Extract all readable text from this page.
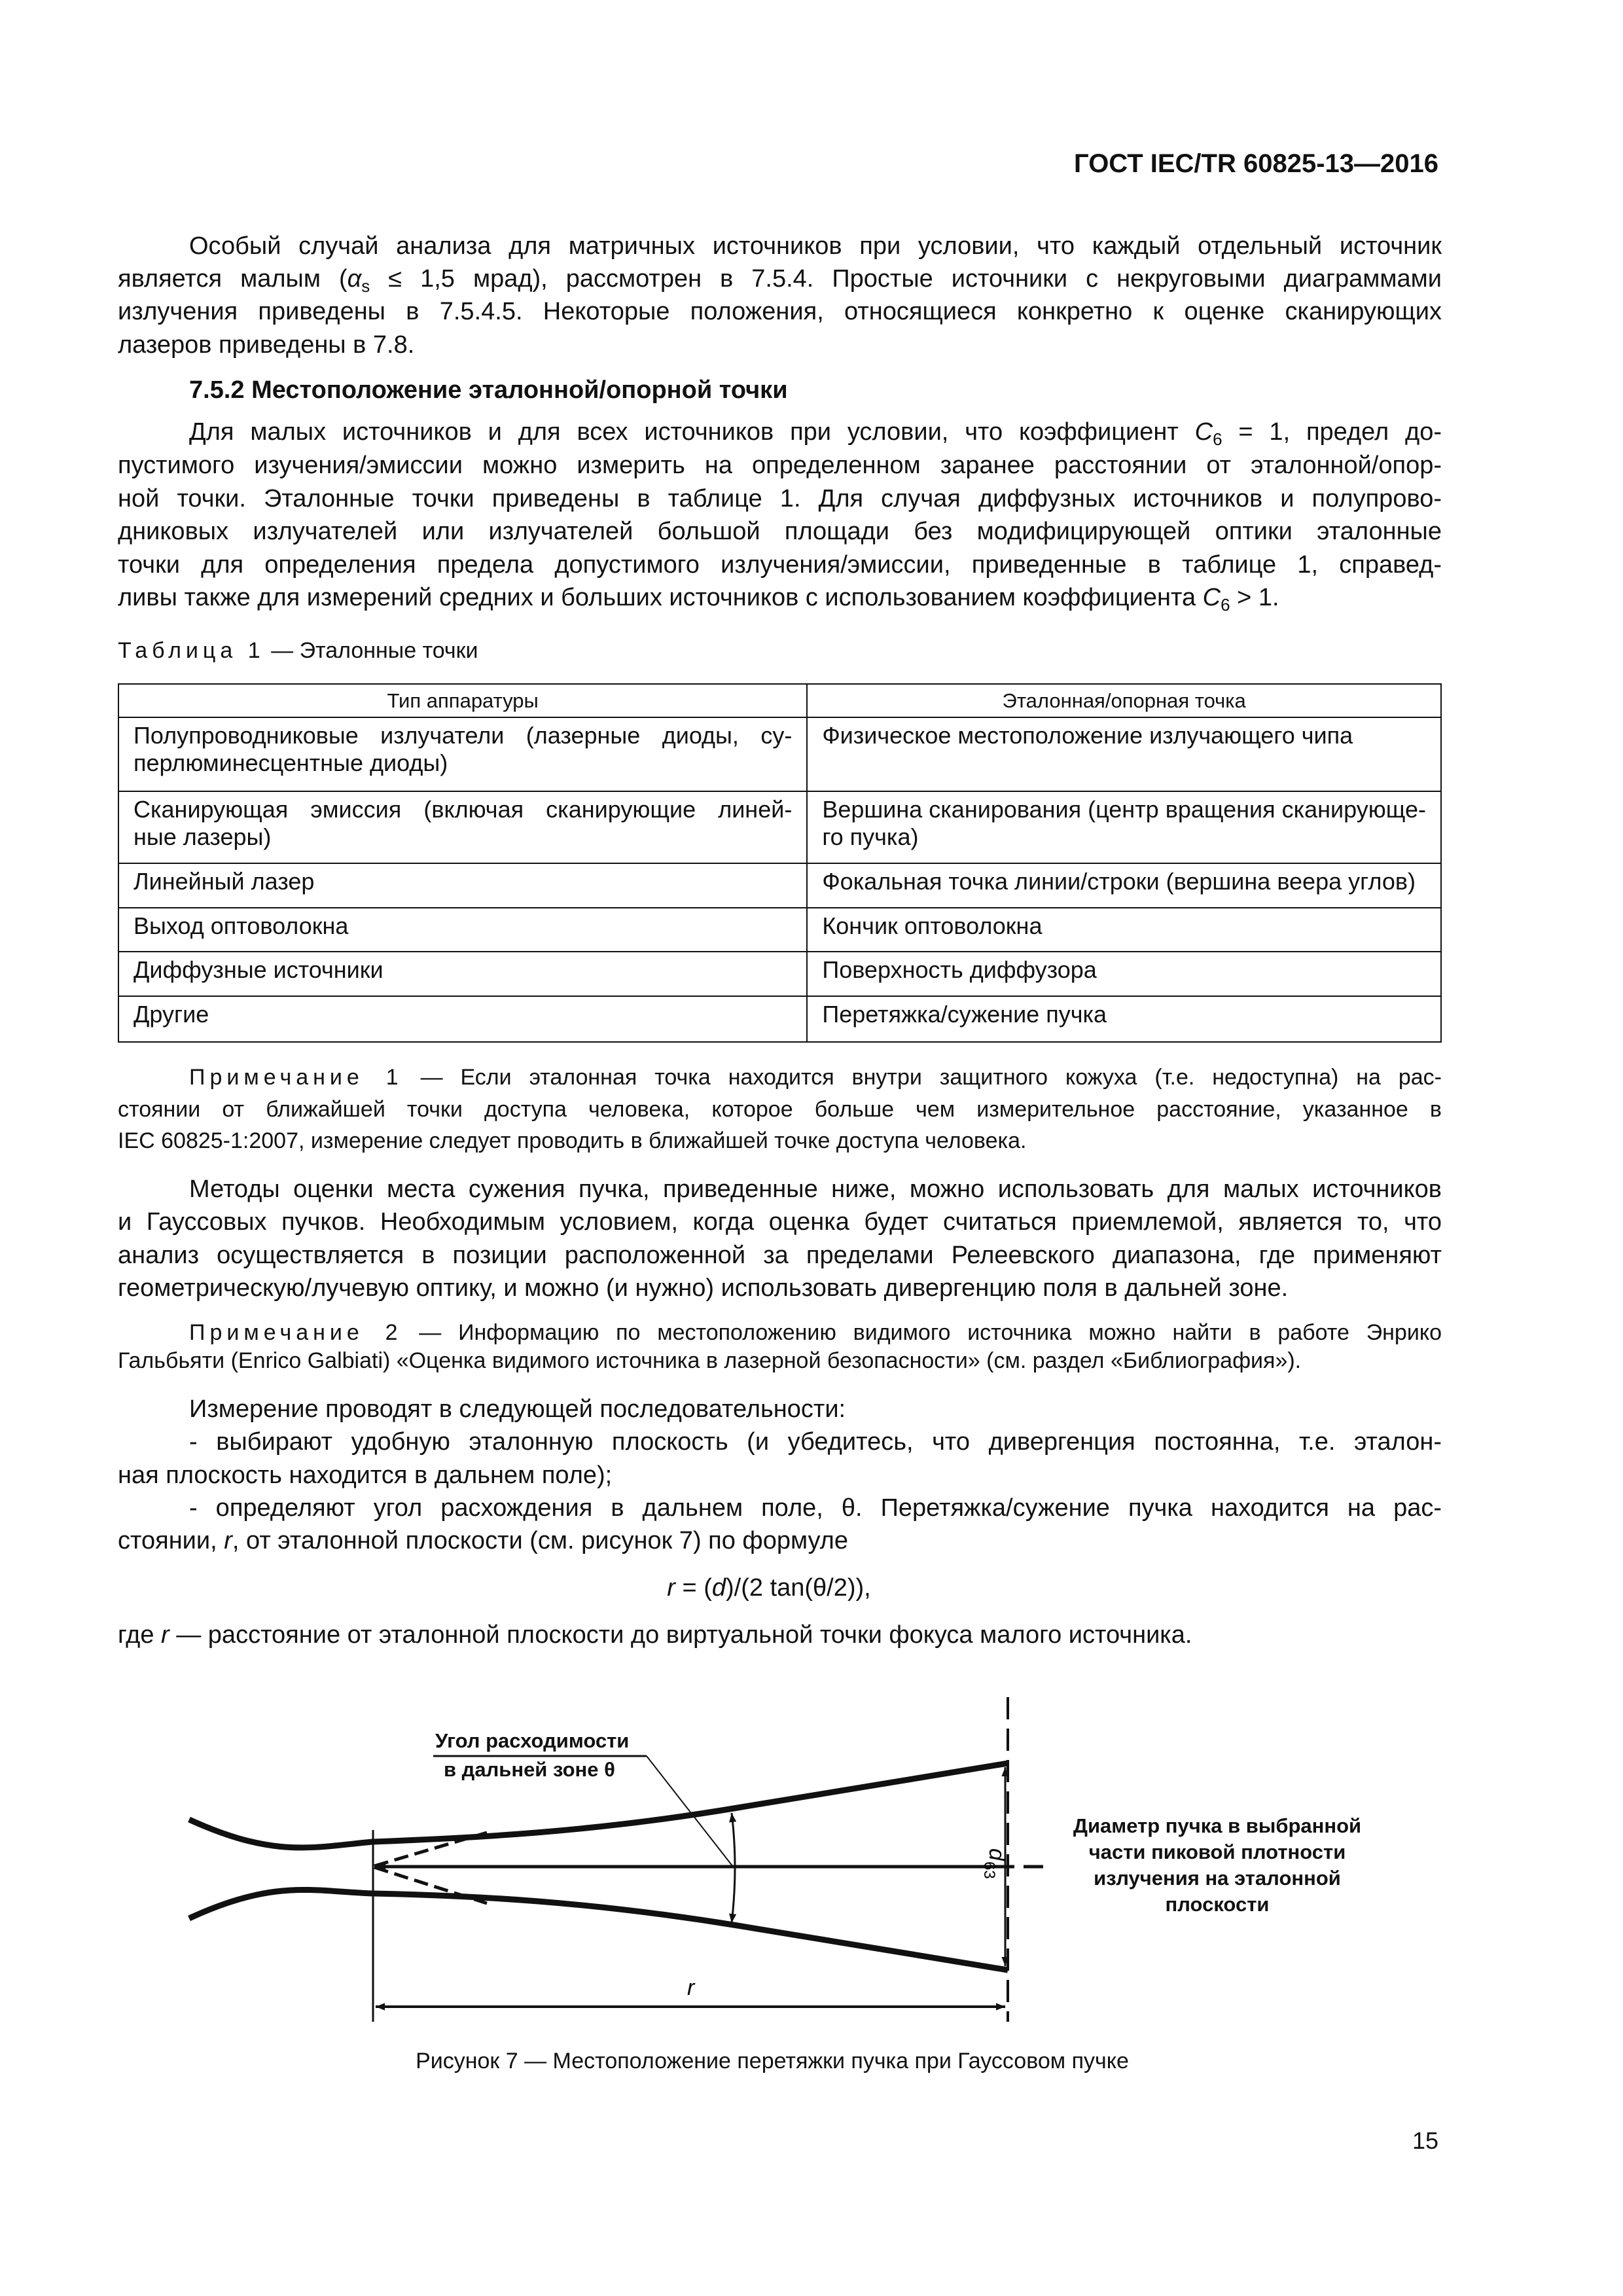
ГОСТ IEC/TR 60825-13—2016
Особый случай анализа для матричных источников при условии, что каждый отдельный источник
является малым ($\alpha_s \le 1,5$ мрад), рассмотрен в 7.5.4. Простые источники с некруговыми диаграммами
излучения приведены в 7.5.4.5. Некоторые положения, относящиеся конкретно к оценке сканирующих
лазеров приведены в 7.8.
7.5.2 Местоположение эталонной/опорной точки
Для малых источников и для всех источников при условии, что коэффициент $C_6 = 1$, предел до-
пустимого изучения/эмиссии можно измерить на определенном заранее расстоянии от эталонной/опор-
ной точки. Эталонные точки приведены в таблице 1. Для случая диффузных источников и полупрово-
дниковых излучателей или излучателей большой площади без модифицирующей оптики эталонные
точки для определения предела допустимого излучения/эмиссии, приведенные в таблице 1, справед-
ливы также для измерений средних и больших источников с использованием коэффициента $C_6 > 1$.
Таблица 1 — Эталонные точки
Тип аппаратуры	Эталонная/опорная точка

Полупроводниковые излучатели (лазерные диоды, су-
перлюминесцентные диоды)	Физическое местоположение излучающего чипа

Сканирующая эмиссия (включая сканирующие линей-
ные лазеры)	Вершина сканирования (центр вращения сканирующе-
го пучка)

Линейный лазер	Фокальная точка линии/строки (вершина веера углов)
Выход оптоволокна	Кончик оптоволокна
Диффузные источники	Поверхность диффузора
Другие	Перетяжка/сужение пучка
Примечание 1 — Если эталонная точка находится внутри защитного кожуха (т.е. недоступна) на рас-
стоянии от ближайшей точки доступа человека, которое больше чем измерительное расстояние, указанное в
IEC 60825-1:2007, измерение следует проводить в ближайшей точке доступа человека.
Методы оценки места сужения пучка, приведенные ниже, можно использовать для малых источников
и Гауссовых пучков. Необходимым условием, когда оценка будет считаться приемлемой, является то, что
анализ осуществляется в позиции расположенной за пределами Релеевского диапазона, где применяют
геометрическую/лучевую оптику, и можно (и нужно) использовать дивергенцию поля в дальней зоне.
Примечание 2 — Информацию по местоположению видимого источника можно найти в работе Энрико
Гальбьяти (Enrico Galbiati) «Оценка видимого источника в лазерной безопасности» (см. раздел «Библиография»).
Измерение проводят в следующей последовательности:
- выбирают удобную эталонную плоскость (и убедитесь, что дивергенция постоянна, т.е. эталон-
ная плоскость находится в дальнем поле);
- определяют угол расхождения в дальнем поле, θ. Перетяжка/сужение пучка находится на рас-
стоянии, r, от эталонной плоскости (см. рисунок 7) по формуле
r = (d)/(2 tan(θ/2)),
где r — расстояние от эталонной плоскости до виртуальной точки фокуса малого источника.
r
d
63
Угол расходимости
в дальней зоне θ
Диаметр пучка в выбранной
части пиковой плотности
излучения на эталонной
плоскости
Рисунок 7 — Местоположение перетяжки пучка при Гауссовом пучке
15
